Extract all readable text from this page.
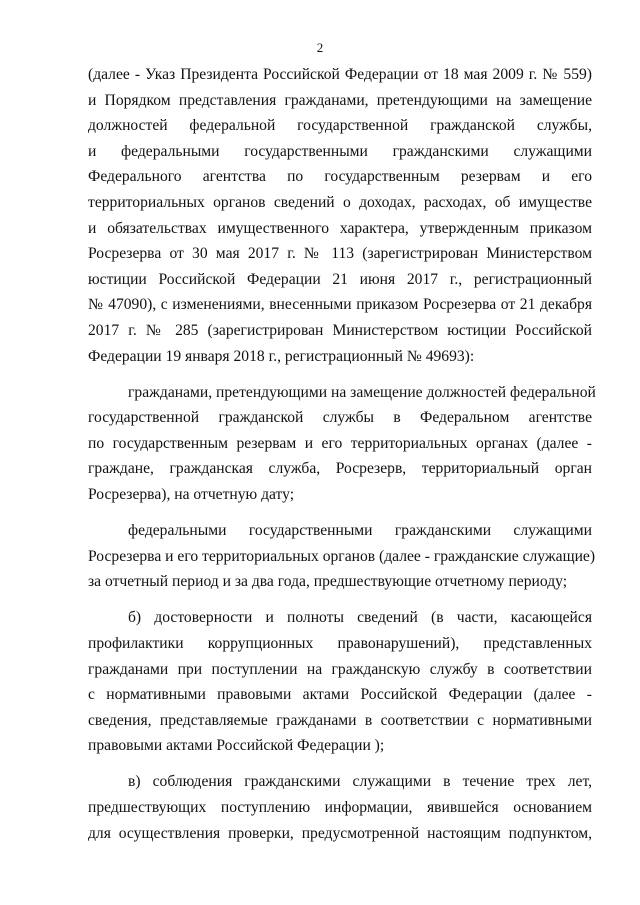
2
(далее - Указ Президента Российской Федерации от 18 мая 2009 г. № 559)
и Порядком представления гражданами, претендующими на замещение
должностей федеральной государственной гражданской службы,
и федеральными государственными гражданскими служащими
Федерального агентства по государственным резервам и его
территориальных органов сведений о доходах, расходах, об имуществе
и обязательствах имущественного характера, утвержденным приказом
Росрезерва от 30 мая 2017 г. № 113 (зарегистрирован Министерством
юстиции Российской Федерации 21 июня 2017 г., регистрационный
№ 47090), с изменениями, внесенными приказом Росрезерва от 21 декабря
2017 г. № 285 (зарегистрирован Министерством юстиции Российской
Федерации 19 января 2018 г., регистрационный № 49693):
гражданами, претендующими на замещение должностей федеральной
государственной гражданской службы в Федеральном агентстве
по государственным резервам и его территориальных органах (далее -
граждане, гражданская служба, Росрезерв, территориальный орган
Росрезерва), на отчетную дату;
федеральными государственными гражданскими служащими
Росрезерва и его территориальных органов (далее - гражданские служащие)
за отчетный период и за два года, предшествующие отчетному периоду;
б) достоверности и полноты сведений (в части, касающейся
профилактики коррупционных правонарушений), представленных
гражданами при поступлении на гражданскую службу в соответствии
с нормативными правовыми актами Российской Федерации (далее -
сведения, представляемые гражданами в соответствии с нормативными
правовыми актами Российской Федерации );
в) соблюдения гражданскими служащими в течение трех лет,
предшествующих поступлению информации, явившейся основанием
для осуществления проверки, предусмотренной настоящим подпунктом,
